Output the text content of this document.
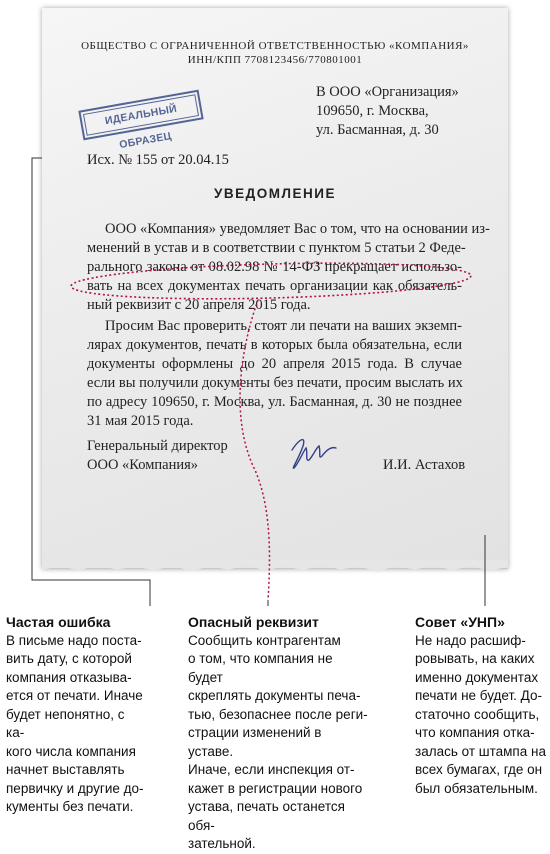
ОБЩЕСТВО С ОГРАНИЧЕННОЙ ОТВЕТСТВЕННОСТЬЮ «КОМПАНИЯ»
ИНН/КПП 7708123456/770801001
ИДЕАЛЬНЫЙ ОБРАЗЕЦ
В ООО «Организация»
109650, г. Москва,
ул. Басманная, д. 30
Исх. № 155 от 20.04.15
УВЕДОМЛЕНИЕ
ООО «Компания» уведомляет Вас о том, что на основании из-
менений в устав и в соответствии с пунктом 5 статьи 2 Феде-
рального закона от 08.02.98 № 14-ФЗ прекращает использо-
вать на всех документах печать организации как обязатель-
ный реквизит с 20 апреля 2015 года.
Просим Вас проверить, стоят ли печати на ваших экземп-
лярах документов, печать в которых была обязательна, если
документы оформлены до 20 апреля 2015 года. В случае
если вы получили документы без печати, просим выслать их
по адресу 109650, г. Москва, ул. Басманная, д. 30 не позднее
31 мая 2015 года.
Генеральный директор
ООО «Компания»	И.И. Астахов
Частая ошибка
В письме надо поста-
вить дату, с которой
компания отказыва-
ется от печати. Иначе
будет непонятно, с ка-
кого числа компания
начнет выставлять
первичку и другие до-
кументы без печати.
Опасный реквизит
Сообщить контрагентам
о том, что компания не будет
скреплять документы печа-
тью, безопаснее после реги-
страции изменений в уставе.
Иначе, если инспекция от-
кажет в регистрации нового
устава, печать останется обя-
зательной.
Совет «УНП»
Не надо расшиф-
ровывать, на каких
именно документах
печати не будет. До-
статочно сообщить,
что компания отка-
залась от штампа на
всех бумагах, где он
был обязательным.
